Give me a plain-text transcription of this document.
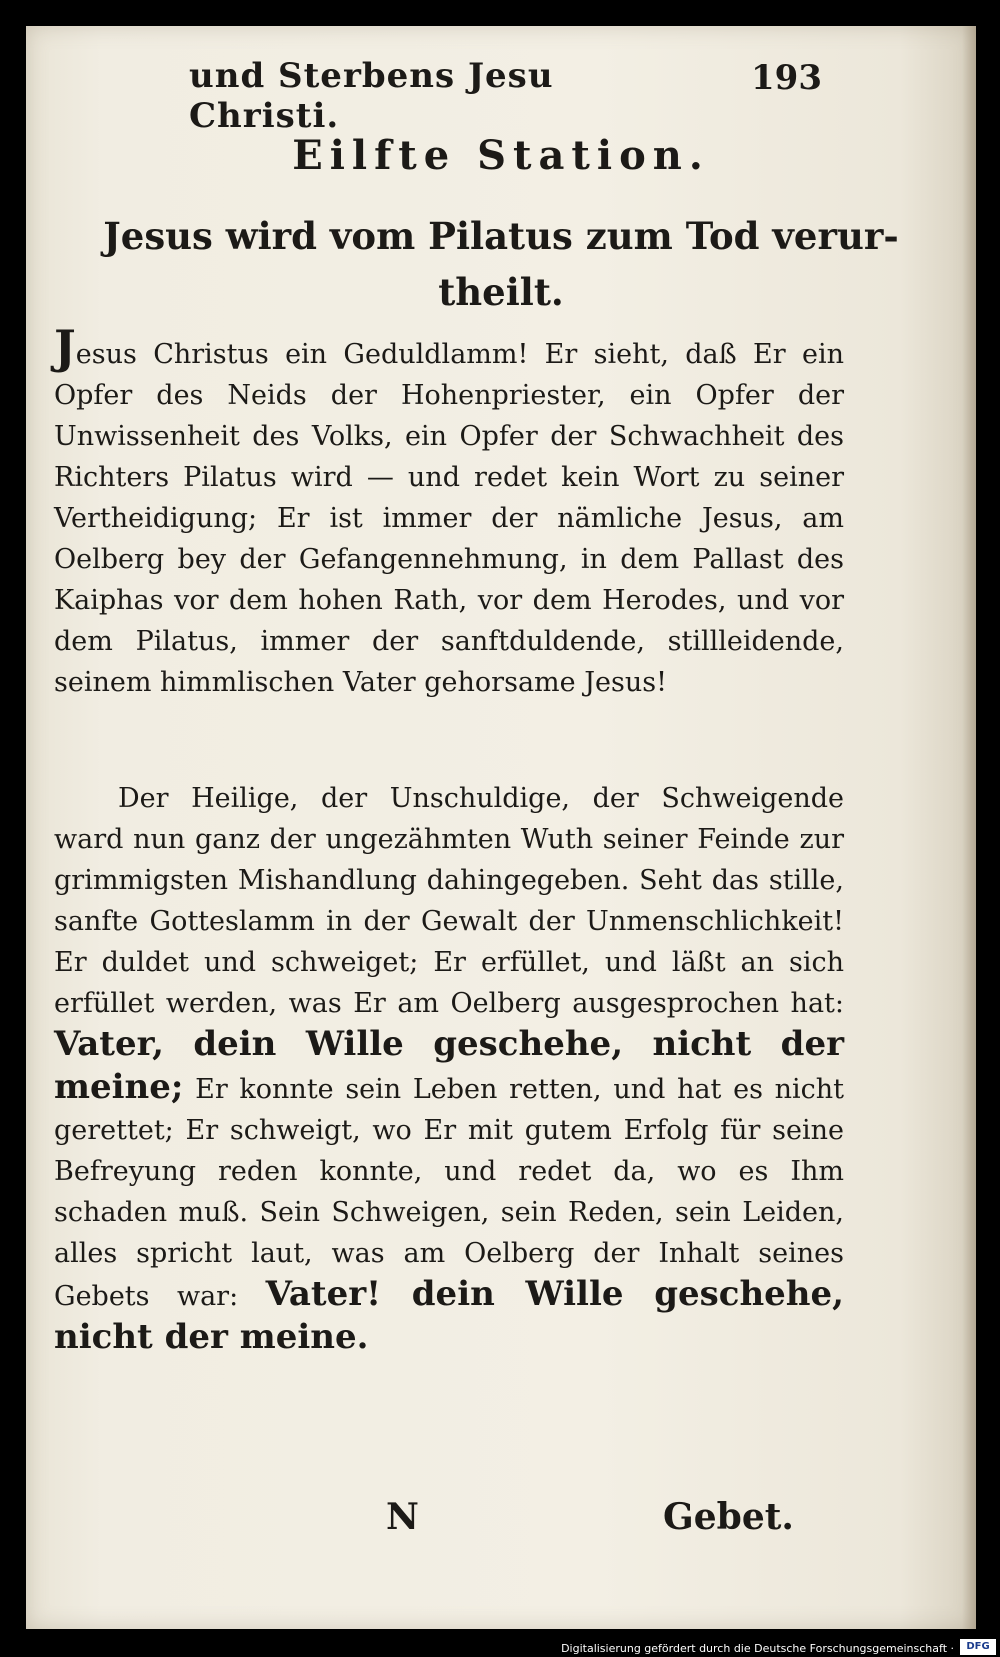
und Sterbens Jesu Christi.
193
Eilfte Station.
Jesus wird vom Pilatus zum Tod verur-
theilt.
Jesus Christus ein Geduldlamm! Er sieht, daß Er ein Opfer des Neids der Hohenpriester, ein Opfer der Unwissenheit des Volks, ein Opfer der Schwachheit des Richters Pilatus wird — und redet kein Wort zu seiner Vertheidigung; Er ist immer der nämliche Jesus, am Oelberg bey der Gefangennehmung, in dem Pallast des Kaiphas vor dem hohen Rath, vor dem Herodes, und vor dem Pilatus, immer der sanftduldende, stillleidende, seinem himmlischen Vater gehorsame Jesus!
Der Heilige, der Unschuldige, der Schweigende ward nun ganz der ungezähmten Wuth seiner Feinde zur grimmigsten Mishandlung dahingegeben. Seht das stille, sanfte Gotteslamm in der Gewalt der Unmenschlichkeit! Er duldet und schweiget; Er erfüllet, und läßt an sich erfüllet werden, was Er am Oelberg ausgesprochen hat: Vater, dein Wille geschehe, nicht der meine; Er konnte sein Leben retten, und hat es nicht gerettet; Er schweigt, wo Er mit gutem Erfolg für seine Befreyung reden konnte, und redet da, wo es Ihm schaden muß. Sein Schweigen, sein Reden, sein Leiden, alles spricht laut, was am Oelberg der Inhalt seines Gebets war: Vater! dein Wille geschehe, nicht der meine.
N	Gebet.
Digitalisierung gefördert durch die Deutsche Forschungsgemeinschaft ·	DFG
